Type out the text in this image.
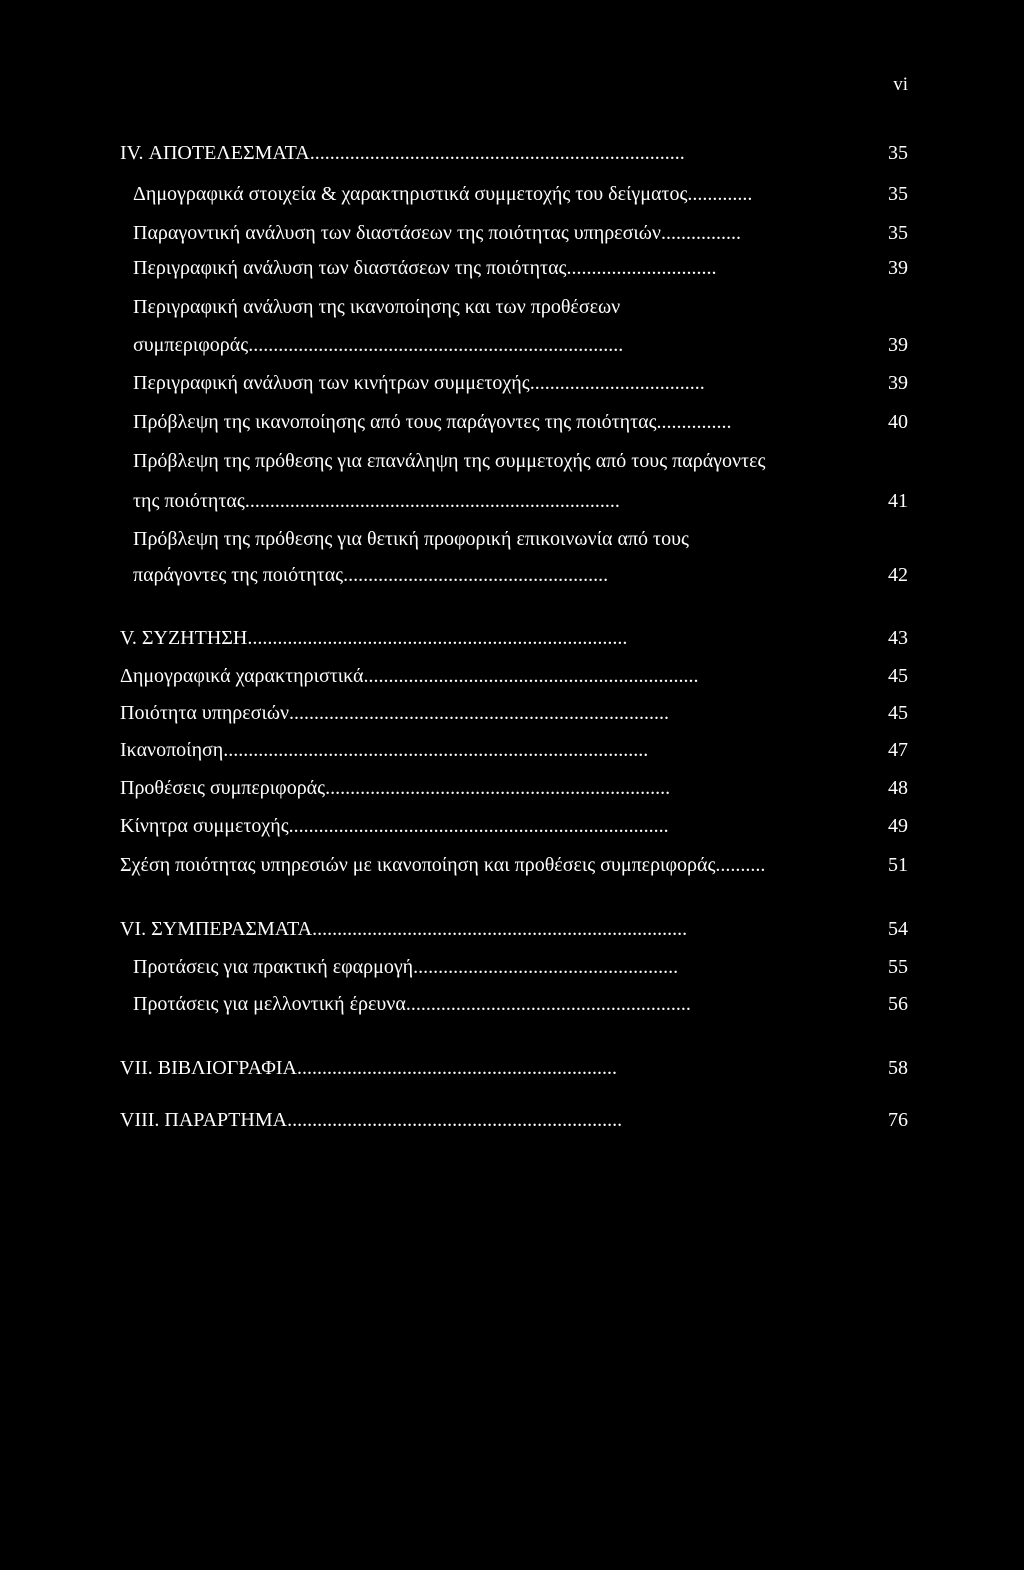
vi
IV. ΑΠΟΤΕΛΕΣΜΑΤΑ ...........................................................................	35
Δημογραφικά στοιχεία & χαρακτηριστικά συμμετοχής του δείγματος .............	35
Παραγοντική ανάλυση των διαστάσεων της ποιότητας υπηρεσιών ................	35
Περιγραφική ανάλυση των διαστάσεων της ποιότητας ..............................	39
Περιγραφική ανάλυση της ικανοποίησης και των προθέσεων
συμπεριφοράς ...........................................................................	39
Περιγραφική ανάλυση των κινήτρων συμμετοχής ...................................	39
Πρόβλεψη της ικανοποίησης από τους παράγοντες της ποιότητας ...............	40
Πρόβλεψη της πρόθεσης για επανάληψη της συμμετοχής από τους παράγοντες
της ποιότητας ...........................................................................	41
Πρόβλεψη της πρόθεσης για θετική προφορική επικοινωνία από τους
παράγοντες της ποιότητας .....................................................	42
V. ΣΥΖΗΤΗΣΗ ............................................................................	43
Δημογραφικά χαρακτηριστικά ...................................................................	45
Ποιότητα υπηρεσιών ............................................................................	45
Ικανοποίηση .....................................................................................	47
Προθέσεις συμπεριφοράς .....................................................................	48
Κίνητρα συμμετοχής ............................................................................	49
Σχέση ποιότητας υπηρεσιών με ικανοποίηση και προθέσεις συμπεριφοράς ..........	51
VI. ΣΥΜΠΕΡΑΣΜΑΤΑ ...........................................................................	54
Προτάσεις για πρακτική εφαρμογή .....................................................	55
Προτάσεις για μελλοντική έρευνα .........................................................	56
VII. ΒΙΒΛΙΟΓΡΑΦΙΑ ................................................................	58
VIII. ΠΑΡΑΡΤΗΜΑ ...................................................................	76
